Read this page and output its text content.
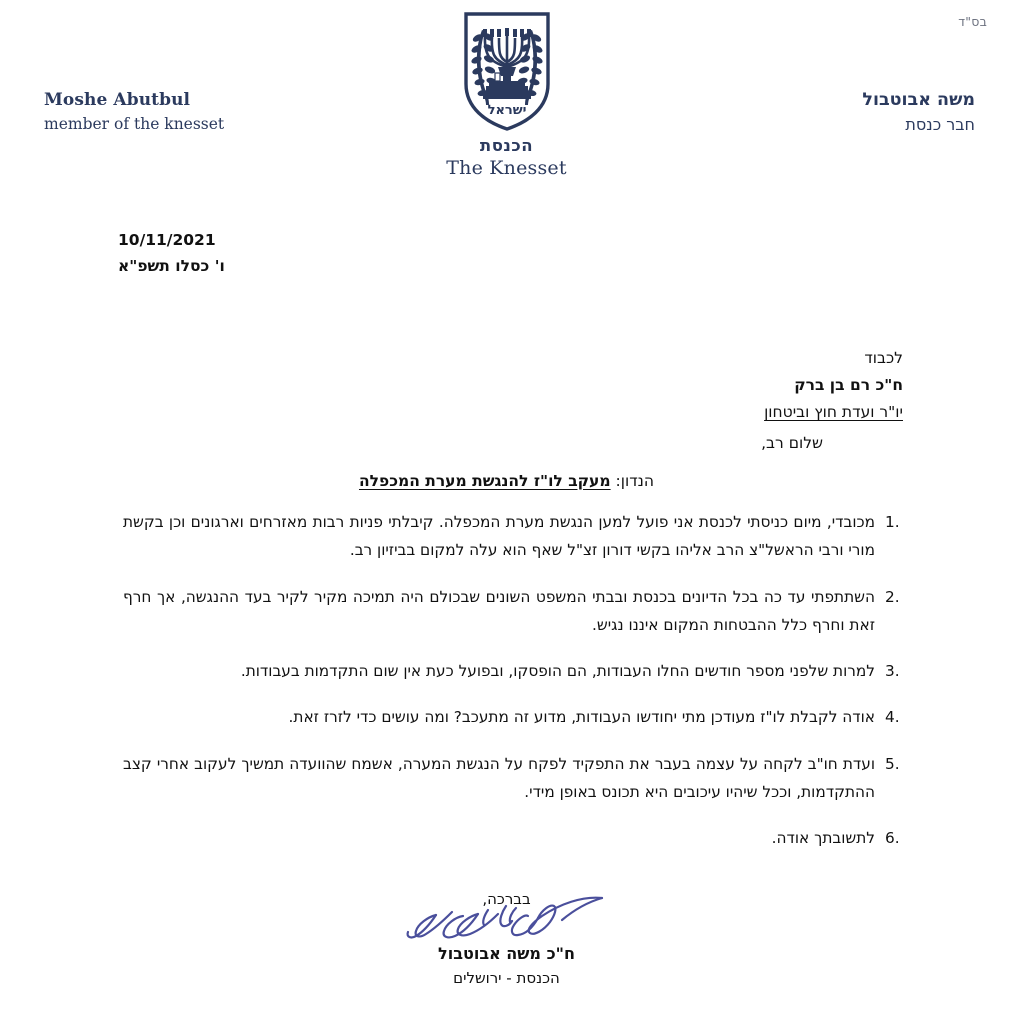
בס"ד
Moshe Abutbul
member of the knesset
ישראל
הכנסת
The Knesset
משה אבוטבול
חבר כנסת
10/11/2021
ו' כסלו תשפ"א
לכבוד
ח"כ רם בן ברק
יו"ר ועדת חוץ וביטחון
שלום רב,
הנדון: מעקב לו"ז להנגשת מערת המכפלה
.1
מכובדי, מיום כניסתי לכנסת אני פועל למען הנגשת מערת המכפלה. קיבלתי פניות רבות מאזרחים וארגונים וכן בקשת מורי ורבי הראשל"צ הרב אליהו בקשי דורון זצ"ל שאף הוא עלה למקום בביזיון רב.
.2
השתתפתי עד כה בכל הדיונים בכנסת ובבתי המשפט השונים שבכולם היה תמיכה מקיר לקיר בעד ההנגשה, אך חרף זאת וחרף כלל ההבטחות המקום איננו נגיש.
.3
למרות שלפני מספר חודשים החלו העבודות, הם הופסקו, ובפועל כעת אין שום התקדמות בעבודות.
.4
אודה לקבלת לו"ז מעודכן מתי יחודשו העבודות, מדוע זה מתעכב? ומה עושים כדי לזרז זאת.
.5
ועדת חו"ב לקחה על עצמה בעבר את התפקיד לפקח על הנגשת המערה, אשמח שהוועדה תמשיך לעקוב אחרי קצב ההתקדמות, וככל שיהיו עיכובים היא תכונס באופן מידי.
.6
לתשובתך אודה.
בברכה,
ח"כ משה אבוטבול
הכנסת - ירושלים
